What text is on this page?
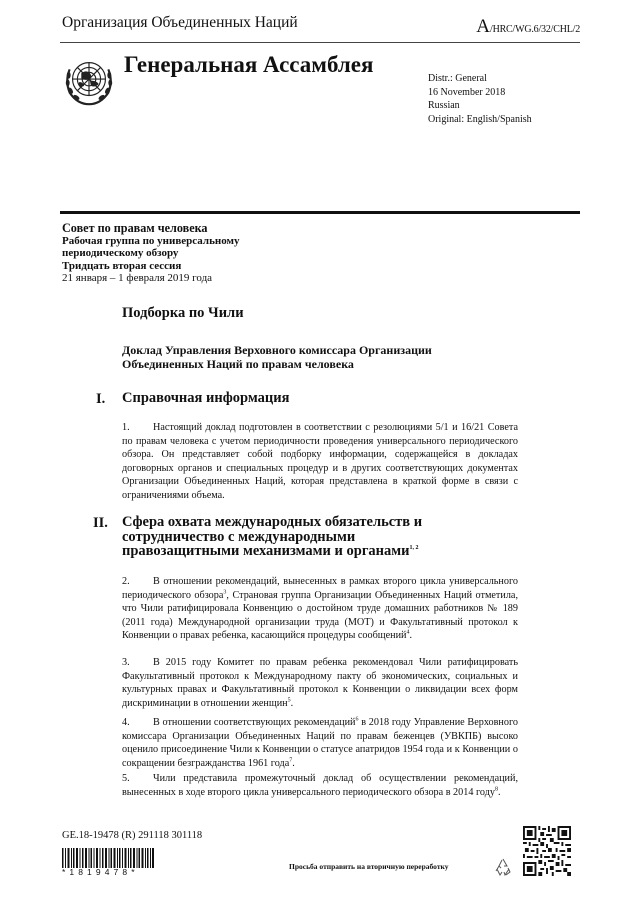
Организация Объединенных Наций	A/HRC/WG.6/32/CHL/2
Генеральная Ассамблея
Distr.: General
16 November 2018
Russian
Original: English/Spanish
Совет по правам человека
Рабочая группа по универсальному
периодическому обзору
Тридцать вторая сессия
21 января – 1 февраля 2019 года
Подборка по Чили
Доклад Управления Верховного комиссара Организации Объединенных Наций по правам человека
I. Справочная информация
1. Настоящий доклад подготовлен в соответствии с резолюциями 5/1 и 16/21 Совета по правам человека с учетом периодичности проведения универсального периодического обзора. Он представляет собой подборку информации, содержащейся в докладах договорных органов и специальных процедур и в других соответствующих документах Организации Объединенных Наций, которая представлена в краткой форме в связи с ограничениями объема.
II. Сфера охвата международных обязательств и сотрудничество с международными правозащитными механизмами и органами$^{1, 2}$
2. В отношении рекомендаций, вынесенных в рамках второго цикла универсального периодического обзора$^3$, Страновая группа Организации Объединенных Наций отметила, что Чили ратифицировала Конвенцию о достойном труде домашних работников № 189 (2011 года) Международной организации труда (МОТ) и Факультативный протокол к Конвенции о правах ребенка, касающийся процедуры сообщений$^4$.
3. В 2015 году Комитет по правам ребенка рекомендовал Чили ратифицировать Факультативный протокол к Международному пакту об экономических, социальных и культурных правах и Факультативный протокол к Конвенции о ликвидации всех форм дискриминации в отношении женщин$^5$.
4. В отношении соответствующих рекомендаций$^6$ в 2018 году Управление Верховного комиссара Организации Объединенных Наций по правам беженцев (УВКПБ) высоко оценило присоединение Чили к Конвенции о статусе апатридов 1954 года и к Конвенции о сокращении безгражданства 1961 года$^7$.
5. Чили представила промежуточный доклад об осуществлении рекомендаций, вынесенных в ходе второго цикла универсального периодического обзора в 2014 году$^8$.
GE.18-19478 (R) 291118 301118
*1819478*
Просьба отправить на вторичную переработку
